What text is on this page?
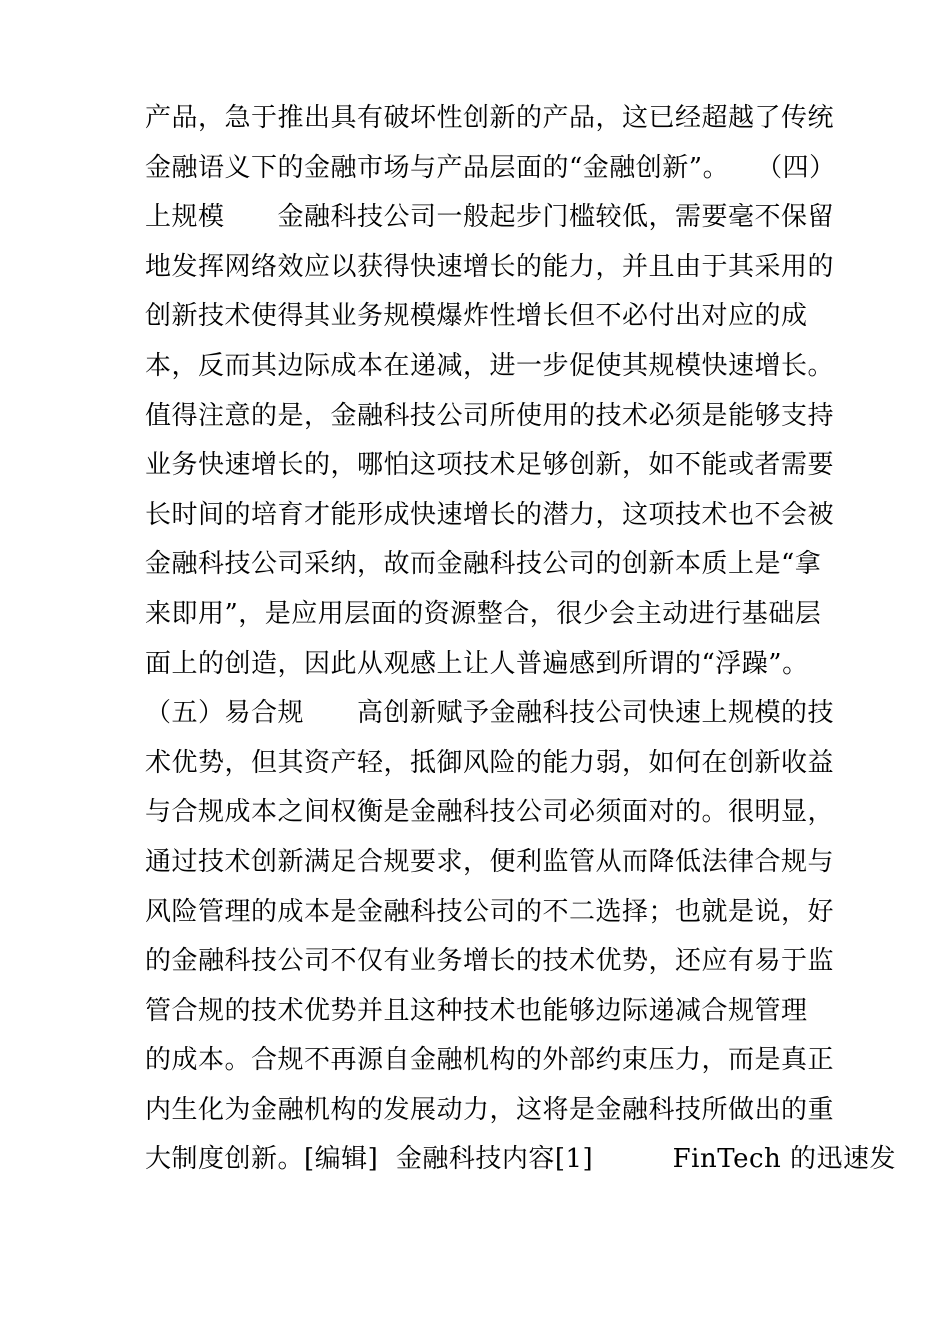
产品，急于推出具有破坏性创新的产品，这已经超越了传统
金融语义下的金融市场与产品层面的“金融创新”。　　（四）
上规模　　金融科技公司一般起步门槛较低，需要毫不保留
地发挥网络效应以获得快速增长的能力，并且由于其采用的
创新技术使得其业务规模爆炸性增长但不必付出对应的成
本，反而其边际成本在递减，进一步促使其规模快速增长。
值得注意的是，金融科技公司所使用的技术必须是能够支持
业务快速增长的，哪怕这项技术足够创新，如不能或者需要
长时间的培育才能形成快速增长的潜力，这项技术也不会被
金融科技公司采纳，故而金融科技公司的创新本质上是“拿
来即用”，是应用层面的资源整合，很少会主动进行基础层
面上的创造，因此从观感上让人普遍感到所谓的“浮躁”。
（五）易合规　　高创新赋予金融科技公司快速上规模的技
术优势，但其资产轻，抵御风险的能力弱，如何在创新收益
与合规成本之间权衡是金融科技公司必须面对的。很明显，
通过技术创新满足合规要求，便利监管从而降低法律合规与
风险管理的成本是金融科技公司的不二选择；也就是说，好
的金融科技公司不仅有业务增长的技术优势，还应有易于监
管合规的技术优势并且这种技术也能够边际递减合规管理
的成本。合规不再源自金融机构的外部约束压力，而是真正
内生化为金融机构的发展动力，这将是金融科技所做出的重
大制度创新。[编辑]  金融科技内容[1]　　　FinTech 的迅速发
